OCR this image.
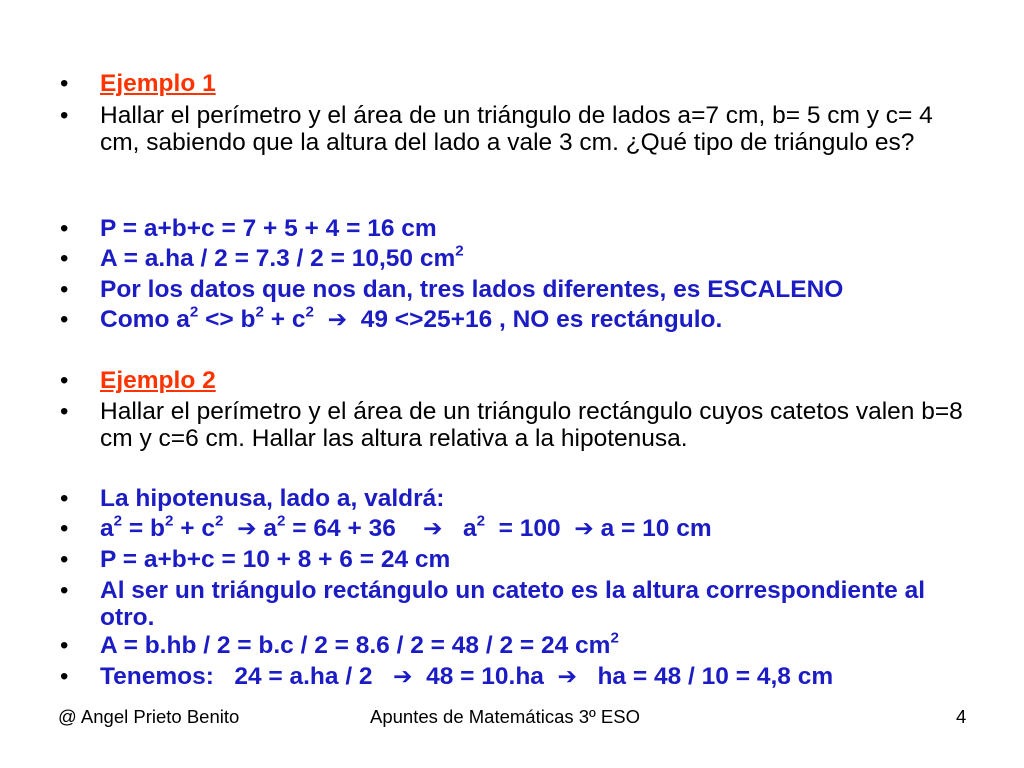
•	Ejemplo 1
•	Hallar el perímetro y el área de un triángulo de lados a=7 cm, b= 5 cm y c= 4 cm, sabiendo que la altura del lado a vale 3 cm. ¿Qué tipo de triángulo es?
•	P = a+b+c = 7 + 5 + 4 = 16 cm
•	A = a.ha / 2 = 7.3 / 2 = 10,50 $cm^2$
•	Por los datos que nos dan, tres lados diferentes, es ESCALENO
•	Como $a^2 <> b^2 + c^2$ ➔  49 <>25+16 , NO es rectángulo.
•	Ejemplo 2
•	Hallar el perímetro y el área de un triángulo rectángulo cuyos catetos valen b=8 cm y c=6 cm. Hallar las altura relativa a la hipotenusa.
•	La hipotenusa, lado a, valdrá:
•	$a^2 = b^2 + c^2$ ➔ $a^2 = 64 + 36$    ➔   $a^2 = 100$  ➔ a = 10 cm
•	P = a+b+c = 10 + 8 + 6 = 24 cm
•	Al ser un triángulo rectángulo un cateto es la altura correspondiente al otro.
•	A = b.hb / 2 = b.c / 2 = 8.6 / 2 = 48 / 2 = 24 $cm^2$
•	Tenemos:   24 = a.ha / 2   ➔  48 = 10.ha  ➔   ha = 48 / 10 = 4,8 cm
@ Angel Prieto Benito	Apuntes de Matemáticas 3º ESO	4
